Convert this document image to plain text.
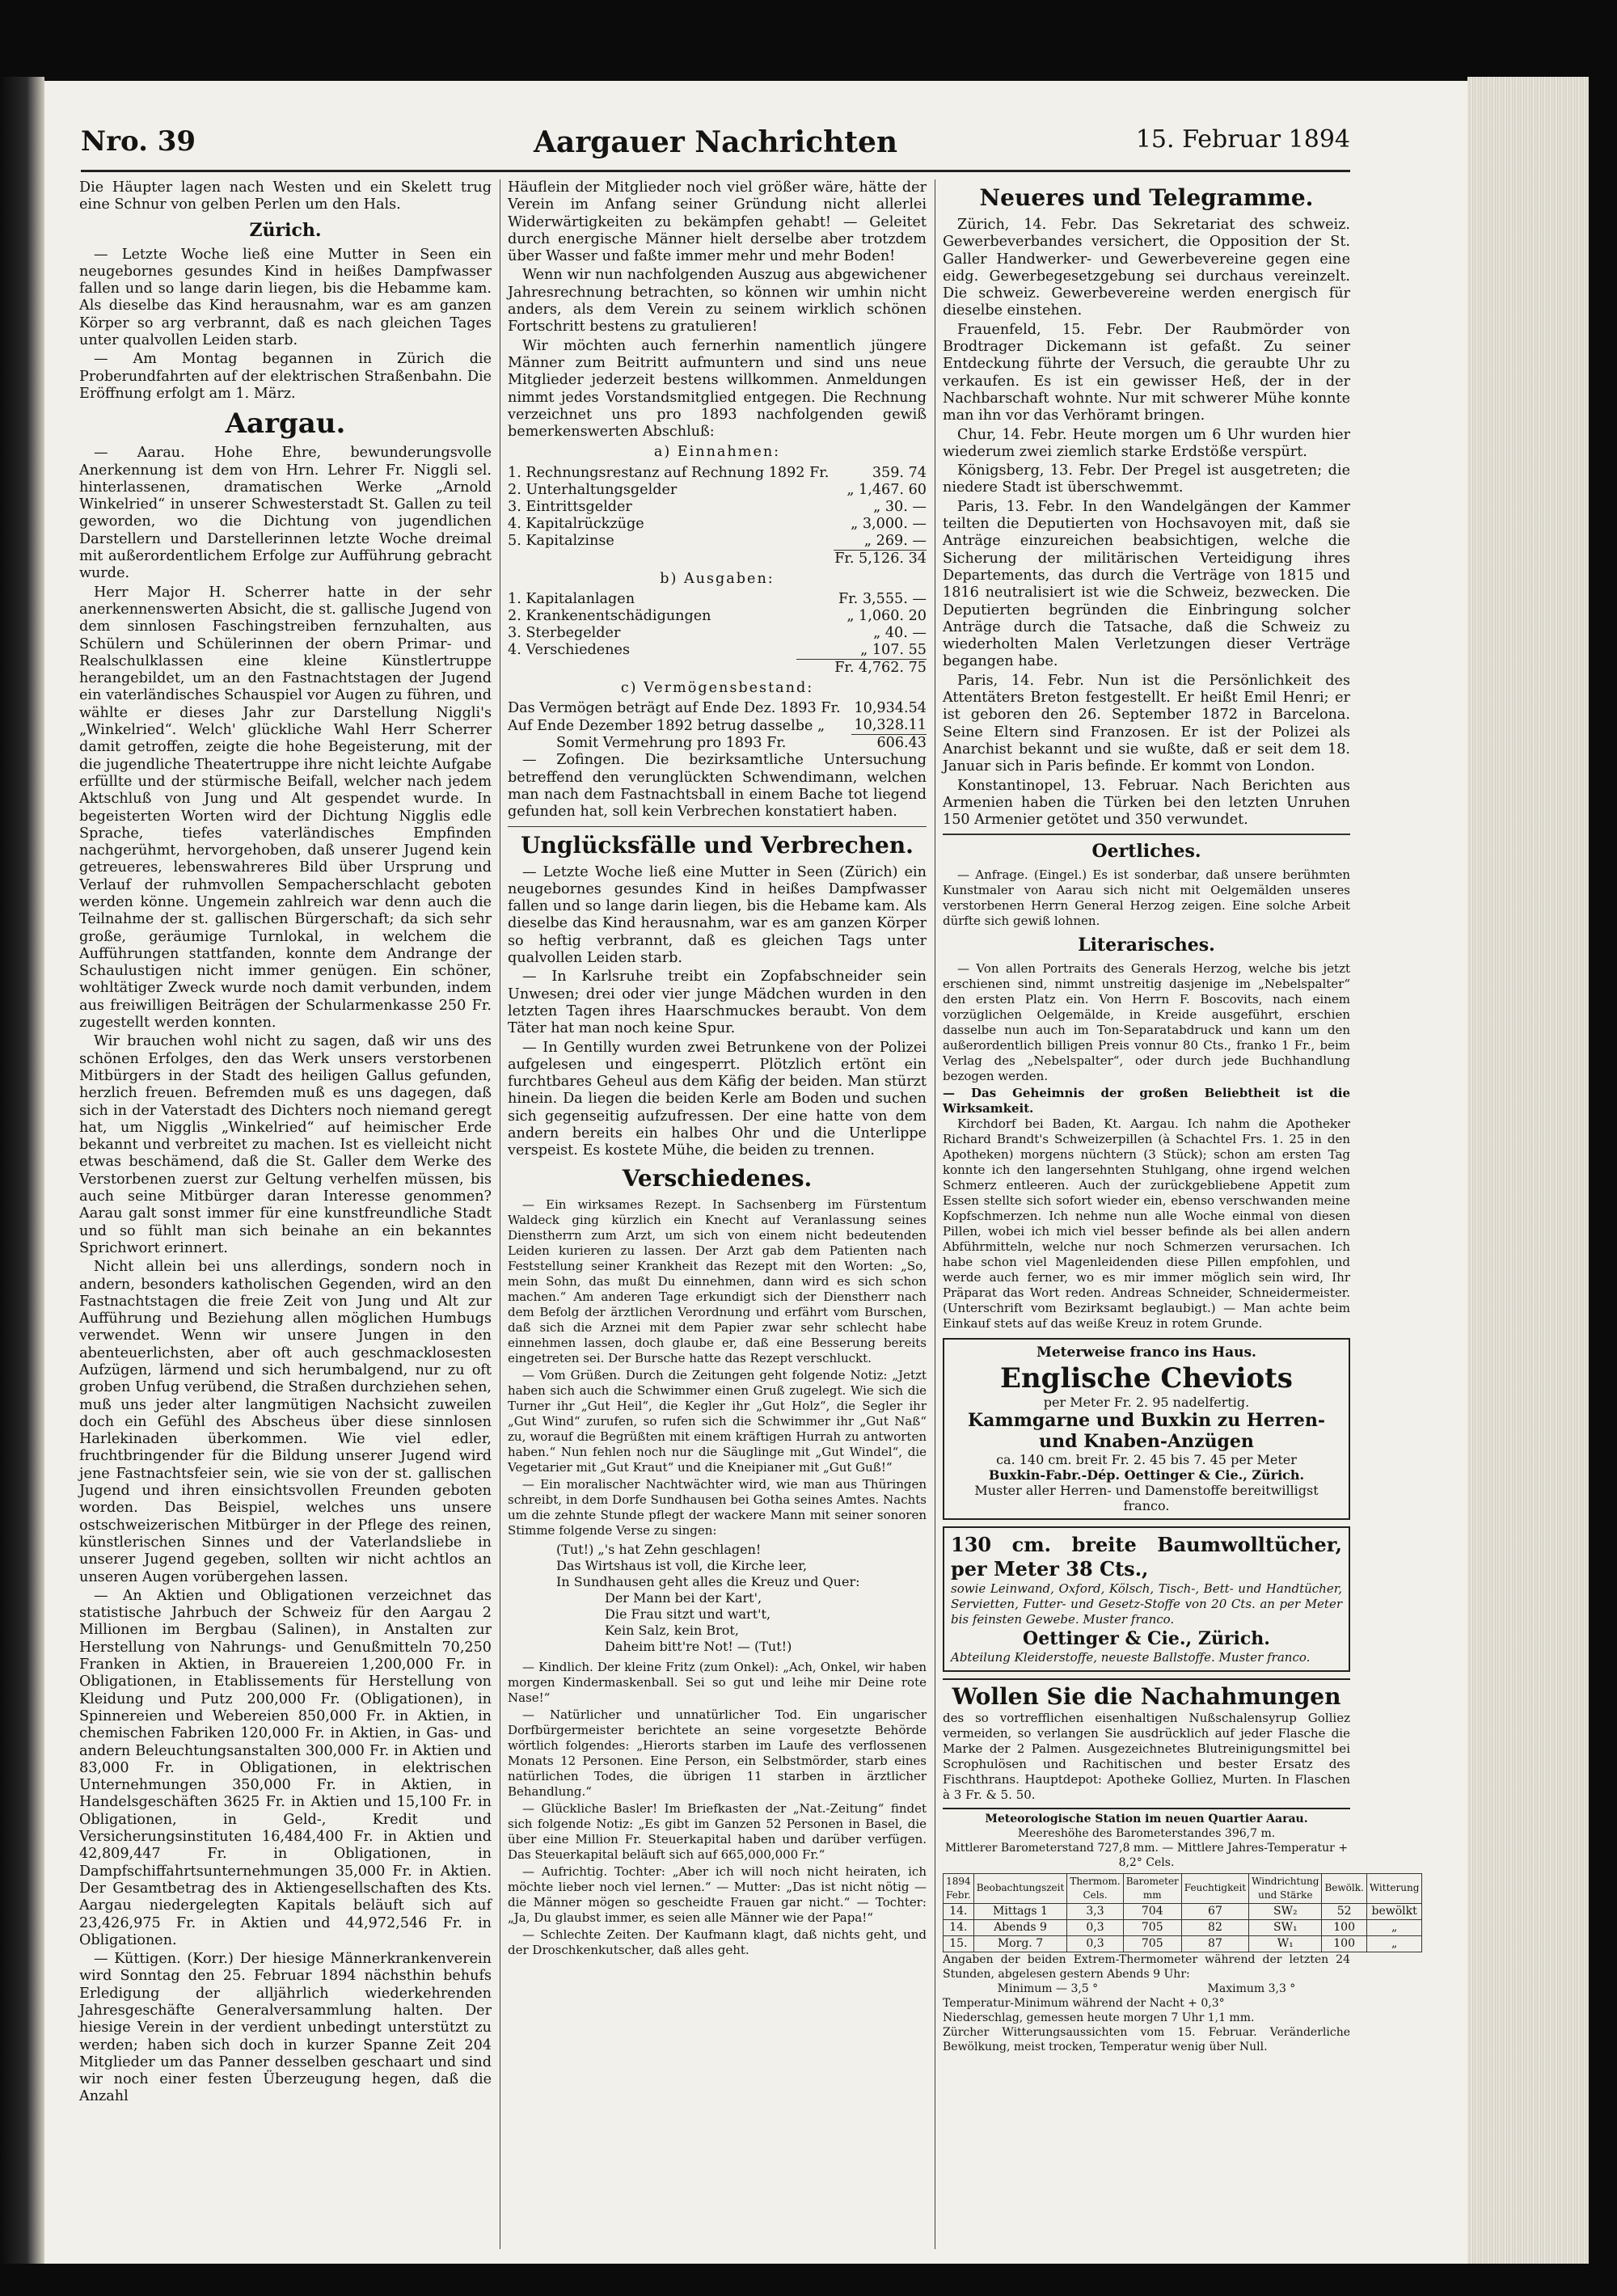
Nro. 39	Aargauer Nachrichten	15. Februar 1894

Die Häupter lagen nach Westen und ein Skelett trug eine Schnur von gelben Perlen um den Hals.

Zürich.

— Letzte Woche ließ eine Mutter in Seen ein neugebornes gesundes Kind in heißes Dampfwasser fallen und so lange darin liegen, bis die Hebamme kam. Als dieselbe das Kind herausnahm, war es am ganzen Körper so arg verbrannt, daß es nach gleichen Tages unter qualvollen Leiden starb.

— Am Montag begannen in Zürich die Proberundfahrten auf der elektrischen Straßenbahn. Die Eröffnung erfolgt am 1. März.

Aargau.

— Aarau. Hohe Ehre, bewunderungsvolle Anerkennung ist dem von Hrn. Lehrer Fr. Niggli sel. hinterlassenen, dramatischen Werke „Arnold Winkelried“ in unserer Schwesterstadt St. Gallen zu teil geworden, wo die Dichtung von jugendlichen Darstellern und Darstellerinnen letzte Woche dreimal mit außerordentlichem Erfolge zur Aufführung gebracht wurde.

Herr Major H. Scherrer hatte in der sehr anerkennenswerten Absicht, die st. gallische Jugend von dem sinnlosen Faschingstreiben fernzuhalten, aus Schülern und Schülerinnen der obern Primar- und Realschulklassen eine kleine Künstlertruppe herangebildet, um an den Fastnachtstagen der Jugend ein vaterländisches Schauspiel vor Augen zu führen, und wählte er dieses Jahr zur Darstellung Niggli's „Winkelried“. Welch' glückliche Wahl Herr Scherrer damit getroffen, zeigte die hohe Begeisterung, mit der die jugendliche Theatertruppe ihre nicht leichte Aufgabe erfüllte und der stürmische Beifall, welcher nach jedem Aktschluß von Jung und Alt gespendet wurde. In begeisterten Worten wird der Dichtung Nigglis edle Sprache, tiefes vaterländisches Empfinden nachgerühmt, hervorgehoben, daß unserer Jugend kein getreueres, lebenswahreres Bild über Ursprung und Verlauf der ruhmvollen Sempacherschlacht geboten werden könne. Ungemein zahlreich war denn auch die Teilnahme der st. gallischen Bürgerschaft; da sich sehr große, geräumige Turnlokal, in welchem die Aufführungen stattfanden, konnte dem Andrange der Schaulustigen nicht immer genügen. Ein schöner, wohltätiger Zweck wurde noch damit verbunden, indem aus freiwilligen Beiträgen der Schularmenkasse 250 Fr. zugestellt werden konnten.

Wir brauchen wohl nicht zu sagen, daß wir uns des schönen Erfolges, den das Werk unsers verstorbenen Mitbürgers in der Stadt des heiligen Gallus gefunden, herzlich freuen. Befremden muß es uns dagegen, daß sich in der Vaterstadt des Dichters noch niemand geregt hat, um Nigglis „Winkelried“ auf heimischer Erde bekannt und verbreitet zu machen. Ist es vielleicht nicht etwas beschämend, daß die St. Galler dem Werke des Verstorbenen zuerst zur Geltung verhelfen müssen, bis auch seine Mitbürger daran Interesse genommen? Aarau galt sonst immer für eine kunstfreundliche Stadt und so fühlt man sich beinahe an ein bekanntes Sprichwort erinnert.

Nicht allein bei uns allerdings, sondern noch in andern, besonders katholischen Gegenden, wird an den Fastnachtstagen die freie Zeit von Jung und Alt zur Aufführung und Beziehung allen möglichen Humbugs verwendet. Wenn wir unsere Jungen in den abenteuerlichsten, aber oft auch geschmacklosesten Aufzügen, lärmend und sich herumbalgend, nur zu oft groben Unfug verübend, die Straßen durchziehen sehen, muß uns jeder alter langmütigen Nachsicht zuweilen doch ein Gefühl des Abscheus über diese sinnlosen Harlekinaden überkommen. Wie viel edler, fruchtbringender für die Bildung unserer Jugend wird jene Fastnachtsfeier sein, wie sie von der st. gallischen Jugend und ihren einsichtsvollen Freunden geboten worden. Das Beispiel, welches uns unsere ostschweizerischen Mitbürger in der Pflege des reinen, künstlerischen Sinnes und der Vaterlandsliebe in unserer Jugend gegeben, sollten wir nicht achtlos an unseren Augen vorübergehen lassen.

— An Aktien und Obligationen verzeichnet das statistische Jahrbuch der Schweiz für den Aargau 2 Millionen im Bergbau (Salinen), in Anstalten zur Herstellung von Nahrungs- und Genußmitteln 70,250 Franken in Aktien, in Brauereien 1,200,000 Fr. in Obligationen, in Etablissements für Herstellung von Kleidung und Putz 200,000 Fr. (Obligationen), in Spinnereien und Webereien 850,000 Fr. in Aktien, in chemischen Fabriken 120,000 Fr. in Aktien, in Gas- und andern Beleuchtungsanstalten 300,000 Fr. in Aktien und 83,000 Fr. in Obligationen, in elektrischen Unternehmungen 350,000 Fr. in Aktien, in Handelsgeschäften 3625 Fr. in Aktien und 15,100 Fr. in Obligationen, in Geld-, Kredit und Versicherungsinstituten 16,484,400 Fr. in Aktien und 42,809,447 Fr. in Obligationen, in Dampfschiffahrtsunternehmungen 35,000 Fr. in Aktien. Der Gesamtbetrag des in Aktiengesellschaften des Kts. Aargau niedergelegten Kapitals beläuft sich auf 23,426,975 Fr. in Aktien und 44,972,546 Fr. in Obligationen.

— Küttigen. (Korr.) Der hiesige Männerkrankenverein wird Sonntag den 25. Februar 1894 nächsthin behufs Erledigung der alljährlich wiederkehrenden Jahresgeschäfte Generalversammlung halten. Der hiesige Verein in der verdient unbedingt unterstützt zu werden; haben sich doch in kurzer Spanne Zeit 204 Mitglieder um das Panner desselben geschaart und sind wir noch einer festen Überzeugung hegen, daß die Anzahl

Häuflein der Mitglieder noch viel größer wäre, hätte der Verein im Anfang seiner Gründung nicht allerlei Widerwärtigkeiten zu bekämpfen gehabt! — Geleitet durch energische Männer hielt derselbe aber trotzdem über Wasser und faßte immer mehr und mehr Boden!

Wenn wir nun nachfolgenden Auszug aus abgewichener Jahresrechnung betrachten, so können wir umhin nicht anders, als dem Verein zu seinem wirklich schönen Fortschritt bestens zu gratulieren!

Wir möchten auch fernerhin namentlich jüngere Männer zum Beitritt aufmuntern und sind uns neue Mitglieder jederzeit bestens willkommen. Anmeldungen nimmt jedes Vorstandsmitglied entgegen. Die Rechnung verzeichnet uns pro 1893 nachfolgenden gewiß bemerkenswerten Abschluß:

a) Einnahmen:
1. Rechnungsrestanz auf Rechnung 1892 Fr.	359. 74
2. Unterhaltungsgelder	„ 1,467. 60
3. Eintrittsgelder	„ 30. —
4. Kapitalrückzüge	„ 3,000. —
5. Kapitalzinse	„ 269. —
	Fr. 5,126. 34
b) Ausgaben:
1. Kapitalanlagen	Fr. 3,555. —
2. Krankenentschädigungen	„ 1,060. 20
3. Sterbegelder	„ 40. —
4. Verschiedenes	„ 107. 55
	Fr. 4,762. 75
c) Vermögensbestand:
Das Vermögen beträgt auf Ende Dez. 1893 Fr.	10,934.54
Auf Ende Dezember 1892 betrug dasselbe „	10,328.11
Somit Vermehrung pro 1893 Fr.	606.43

— Zofingen. Die bezirksamtliche Untersuchung betreffend den verunglückten Schwendimann, welchen man nach dem Fastnachtsball in einem Bache tot liegend gefunden hat, soll kein Verbrechen konstatiert haben.

Unglücksfälle und Verbrechen.

— Letzte Woche ließ eine Mutter in Seen (Zürich) ein neugebornes gesundes Kind in heißes Dampfwasser fallen und so lange darin liegen, bis die Hebame kam. Als dieselbe das Kind herausnahm, war es am ganzen Körper so heftig verbrannt, daß es gleichen Tags unter qualvollen Leiden starb.

— In Karlsruhe treibt ein Zopfabschneider sein Unwesen; drei oder vier junge Mädchen wurden in den letzten Tagen ihres Haarschmuckes beraubt. Von dem Täter hat man noch keine Spur.

— In Gentilly wurden zwei Betrunkene von der Polizei aufgelesen und eingesperrt. Plötzlich ertönt ein furchtbares Geheul aus dem Käfig der beiden. Man stürzt hinein. Da liegen die beiden Kerle am Boden und suchen sich gegenseitig aufzufressen. Der eine hatte von dem andern bereits ein halbes Ohr und die Unterlippe verspeist. Es kostete Mühe, die beiden zu trennen.

Verschiedenes.

— Ein wirksames Rezept. In Sachsenberg im Fürstentum Waldeck ging kürzlich ein Knecht auf Veranlassung seines Dienstherrn zum Arzt, um sich von einem nicht bedeutenden Leiden kurieren zu lassen. Der Arzt gab dem Patienten nach Feststellung seiner Krankheit das Rezept mit den Worten: „So, mein Sohn, das mußt Du einnehmen, dann wird es sich schon machen.“ Am anderen Tage erkundigt sich der Dienstherr nach dem Befolg der ärztlichen Verordnung und erfährt vom Burschen, daß sich die Arznei mit dem Papier zwar sehr schlecht habe einnehmen lassen, doch glaube er, daß eine Besserung bereits eingetreten sei. Der Bursche hatte das Rezept verschluckt.

— Vom Grüßen. Durch die Zeitungen geht folgende Notiz: „Jetzt haben sich auch die Schwimmer einen Gruß zugelegt. Wie sich die Turner ihr „Gut Heil“, die Kegler ihr „Gut Holz“, die Segler ihr „Gut Wind“ zurufen, so rufen sich die Schwimmer ihr „Gut Naß“ zu, worauf die Begrüßten mit einem kräftigen Hurrah zu antworten haben.“ Nun fehlen noch nur die Säuglinge mit „Gut Windel“, die Vegetarier mit „Gut Kraut“ und die Kneipianer mit „Gut Guß!“

— Ein moralischer Nachtwächter wird, wie man aus Thüringen schreibt, in dem Dorfe Sundhausen bei Gotha seines Amtes. Nachts um die zehnte Stunde pflegt der wackere Mann mit seiner sonoren Stimme folgende Verse zu singen:

(Tut!) „'s hat Zehn geschlagen!
Das Wirtshaus ist voll, die Kirche leer,
In Sundhausen geht alles die Kreuz und Quer:
Der Mann bei der Kart',
Die Frau sitzt und wart't,
Kein Salz, kein Brot,
Daheim bitt're Not! — (Tut!)

— Kindlich. Der kleine Fritz (zum Onkel): „Ach, Onkel, wir haben morgen Kindermaskenball. Sei so gut und leihe mir Deine rote Nase!“

— Natürlicher und unnatürlicher Tod. Ein ungarischer Dorfbürgermeister berichtete an seine vorgesetzte Behörde wörtlich folgendes: „Hierorts starben im Laufe des verflossenen Monats 12 Personen. Eine Person, ein Selbstmörder, starb eines natürlichen Todes, die übrigen 11 starben in ärztlicher Behandlung.“

— Glückliche Basler! Im Briefkasten der „Nat.-Zeitung“ findet sich folgende Notiz: „Es gibt im Ganzen 52 Personen in Basel, die über eine Million Fr. Steuerkapital haben und darüber verfügen. Das Steuerkapital beläuft sich auf 665,000,000 Fr.“

— Aufrichtig. Tochter: „Aber ich will noch nicht heiraten, ich möchte lieber noch viel lernen.“ — Mutter: „Das ist nicht nötig — die Männer mögen so gescheidte Frauen gar nicht.“ — Tochter: „Ja, Du glaubst immer, es seien alle Männer wie der Papa!“

— Schlechte Zeiten. Der Kaufmann klagt, daß nichts geht, und der Droschkenkutscher, daß alles geht.

Neueres und Telegramme.

Zürich, 14. Febr. Das Sekretariat des schweiz. Gewerbeverbandes versichert, die Opposition der St. Galler Handwerker- und Gewerbevereine gegen eine eidg. Gewerbegesetzgebung sei durchaus vereinzelt. Die schweiz. Gewerbevereine werden energisch für dieselbe einstehen.

Frauenfeld, 15. Febr. Der Raubmörder von Brodtrager Dickemann ist gefaßt. Zu seiner Entdeckung führte der Versuch, die geraubte Uhr zu verkaufen. Es ist ein gewisser Heß, der in der Nachbarschaft wohnte. Nur mit schwerer Mühe konnte man ihn vor das Verhöramt bringen.

Chur, 14. Febr. Heute morgen um 6 Uhr wurden hier wiederum zwei ziemlich starke Erdstöße verspürt.

Königsberg, 13. Febr. Der Pregel ist ausgetreten; die niedere Stadt ist überschwemmt.

Paris, 13. Febr. In den Wandelgängen der Kammer teilten die Deputierten von Hochsavoyen mit, daß sie Anträge einzureichen beabsichtigen, welche die Sicherung der militärischen Verteidigung ihres Departements, das durch die Verträge von 1815 und 1816 neutralisiert ist wie die Schweiz, bezwecken. Die Deputierten begründen die Einbringung solcher Anträge durch die Tatsache, daß die Schweiz zu wiederholten Malen Verletzungen dieser Verträge begangen habe.

Paris, 14. Febr. Nun ist die Persönlichkeit des Attentäters Breton festgestellt. Er heißt Emil Henri; er ist geboren den 26. September 1872 in Barcelona. Seine Eltern sind Franzosen. Er ist der Polizei als Anarchist bekannt und sie wußte, daß er seit dem 18. Januar sich in Paris befinde. Er kommt von London.

Konstantinopel, 13. Februar. Nach Berichten aus Armenien haben die Türken bei den letzten Unruhen 150 Armenier getötet und 350 verwundet.

Oertliches.

— Anfrage. (Eingel.) Es ist sonderbar, daß unsere berühmten Kunstmaler von Aarau sich nicht mit Oelgemälden unseres verstorbenen Herrn General Herzog zeigen. Eine solche Arbeit dürfte sich gewiß lohnen.

Literarisches.

— Von allen Portraits des Generals Herzog, welche bis jetzt erschienen sind, nimmt unstreitig dasjenige im „Nebelspalter“ den ersten Platz ein. Von Herrn F. Boscovits, nach einem vorzüglichen Oelgemälde, in Kreide ausgeführt, erschien dasselbe nun auch im Ton-Separatabdruck und kann um den außerordentlich billigen Preis vonnur 80 Cts., franko 1 Fr., beim Verlag des „Nebelspalter“, oder durch jede Buchhandlung bezogen werden.

— Das Geheimnis der großen Beliebtheit ist die Wirksamkeit.

Kirchdorf bei Baden, Kt. Aargau. Ich nahm die Apotheker Richard Brandt's Schweizerpillen (à Schachtel Frs. 1. 25 in den Apotheken) morgens nüchtern (3 Stück); schon am ersten Tag konnte ich den langersehnten Stuhlgang, ohne irgend welchen Schmerz entleeren. Auch der zurückgebliebene Appetit zum Essen stellte sich sofort wieder ein, ebenso verschwanden meine Kopfschmerzen. Ich nehme nun alle Woche einmal von diesen Pillen, wobei ich mich viel besser befinde als bei allen andern Abführmitteln, welche nur noch Schmerzen verursachen. Ich habe schon viel Magenleidenden diese Pillen empfohlen, und werde auch ferner, wo es mir immer möglich sein wird, Ihr Präparat das Wort reden. Andreas Schneider, Schneidermeister. (Unterschrift vom Bezirksamt beglaubigt.) — Man achte beim Einkauf stets auf das weiße Kreuz in rotem Grunde.

Meterweise franco ins Haus.
Englische Cheviots
per Meter Fr. 2. 95 nadelfertig.
Kammgarne und Buxkin zu Herren- und Knaben-Anzügen
ca. 140 cm. breit Fr. 2. 45 bis 7. 45 per Meter
Buxkin-Fabr.-Dép. Oettinger & Cie., Zürich.
Muster aller Herren- und Damenstoffe bereitwilligst franco.
130 cm. breite Baumwolltücher, per Meter 38 Cts.,
sowie Leinwand, Oxford, Kölsch, Tisch-, Bett- und Handtücher, Servietten, Futter- und Gesetz-Stoffe von 20 Cts. an per Meter bis feinsten Gewebe. Muster franco.
Oettinger & Cie., Zürich.
Abteilung Kleiderstoffe, neueste Ballstoffe. Muster franco.
Wollen Sie die Nachahmungen
des so vortrefflichen eisenhaltigen Nußschalensyrup Golliez vermeiden, so verlangen Sie ausdrücklich auf jeder Flasche die Marke der 2 Palmen. Ausgezeichnetes Blutreinigungsmittel bei Scrophulösen und Rachitischen und bester Ersatz des Fischthrans. Hauptdepot: Apotheke Golliez, Murten. In Flaschen à 3 Fr. & 5. 50.
Meteorologische Station im neuen Quartier Aarau.
Meereshöhe des Barometerstandes 396,7 m.
Mittlerer Barometerstand 727,8 mm. — Mittlere Jahres-Temperatur + 8,2° Cels.
1894 Febr.	Beobachtungszeit	Thermom. Cels.	Barometer mm	Feuchtigkeit	Windrichtung und Stärke	Bewölk.	Witterung
14.	Mittags 1	3,3	704	67	SW₂	52	bewölkt
14.	Abends 9	0,3	705	82	SW₁	100	„
15.	Morg. 7	0,3	705	87	W₁	100	„
Angaben der beiden Extrem-Thermometer während der letzten 24 Stunden, abgelesen gestern Abends 9 Uhr:
Minimum — 3,5 °	Maximum 3,3 °
Temperatur-Minimum während der Nacht + 0,3°
Niederschlag, gemessen heute morgen 7 Uhr 1,1 mm.
Zürcher Witterungsaussichten vom 15. Februar. Veränderliche Bewölkung, meist trocken, Temperatur wenig über Null.
